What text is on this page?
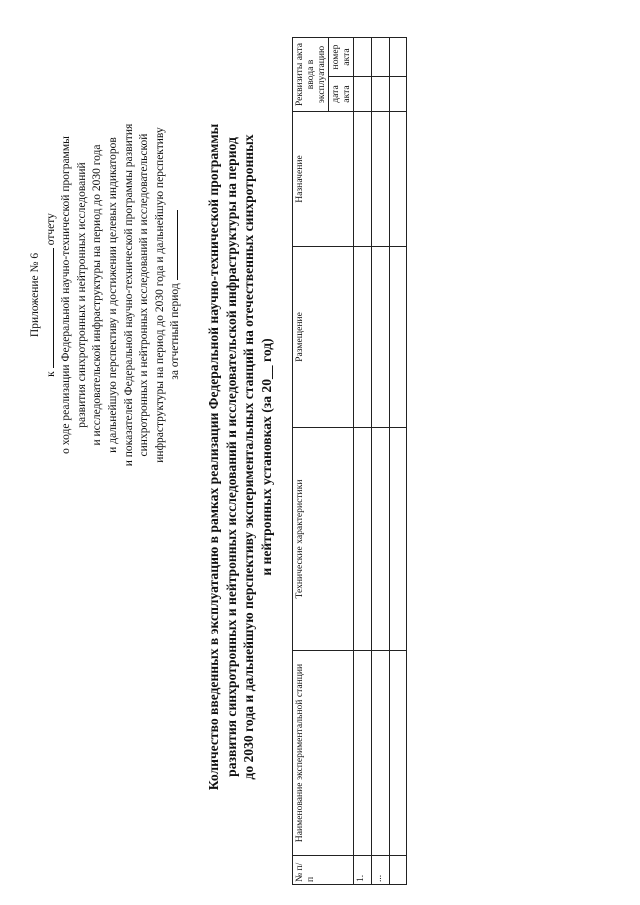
Приложение № 6
котчету о ходе реализации Федеральной научно-технической программы развития синхротронных и нейтронных исследований и исследовательской инфраструктуры на период до 2030 года и дальнейшую перспективу и достижении целевых индикаторов и показателей Федеральной научно-технической программы развития синхротронных и нейтронных исследований и исследовательской инфраструктуры на период до 2030 года и дальнейшую перспективу за отчетный период Количество введенных в эксплуатацию в рамках реализации Федеральной научно-технической программы развития синхротронных и нейтронных исследований и исследовательской инфраструктуры на период до 2030 года и дальнейшую перспективу экспериментальных станций на отечественных синхротронных и нейтронных установках (за 20__ год)
№ п/п	Наименование экспериментальной станции	Технические характеристики	Размещение	Назначение	Реквизиты акта ввода в эксплуатацию	
					дата акта	номер акта
1.						
...						
